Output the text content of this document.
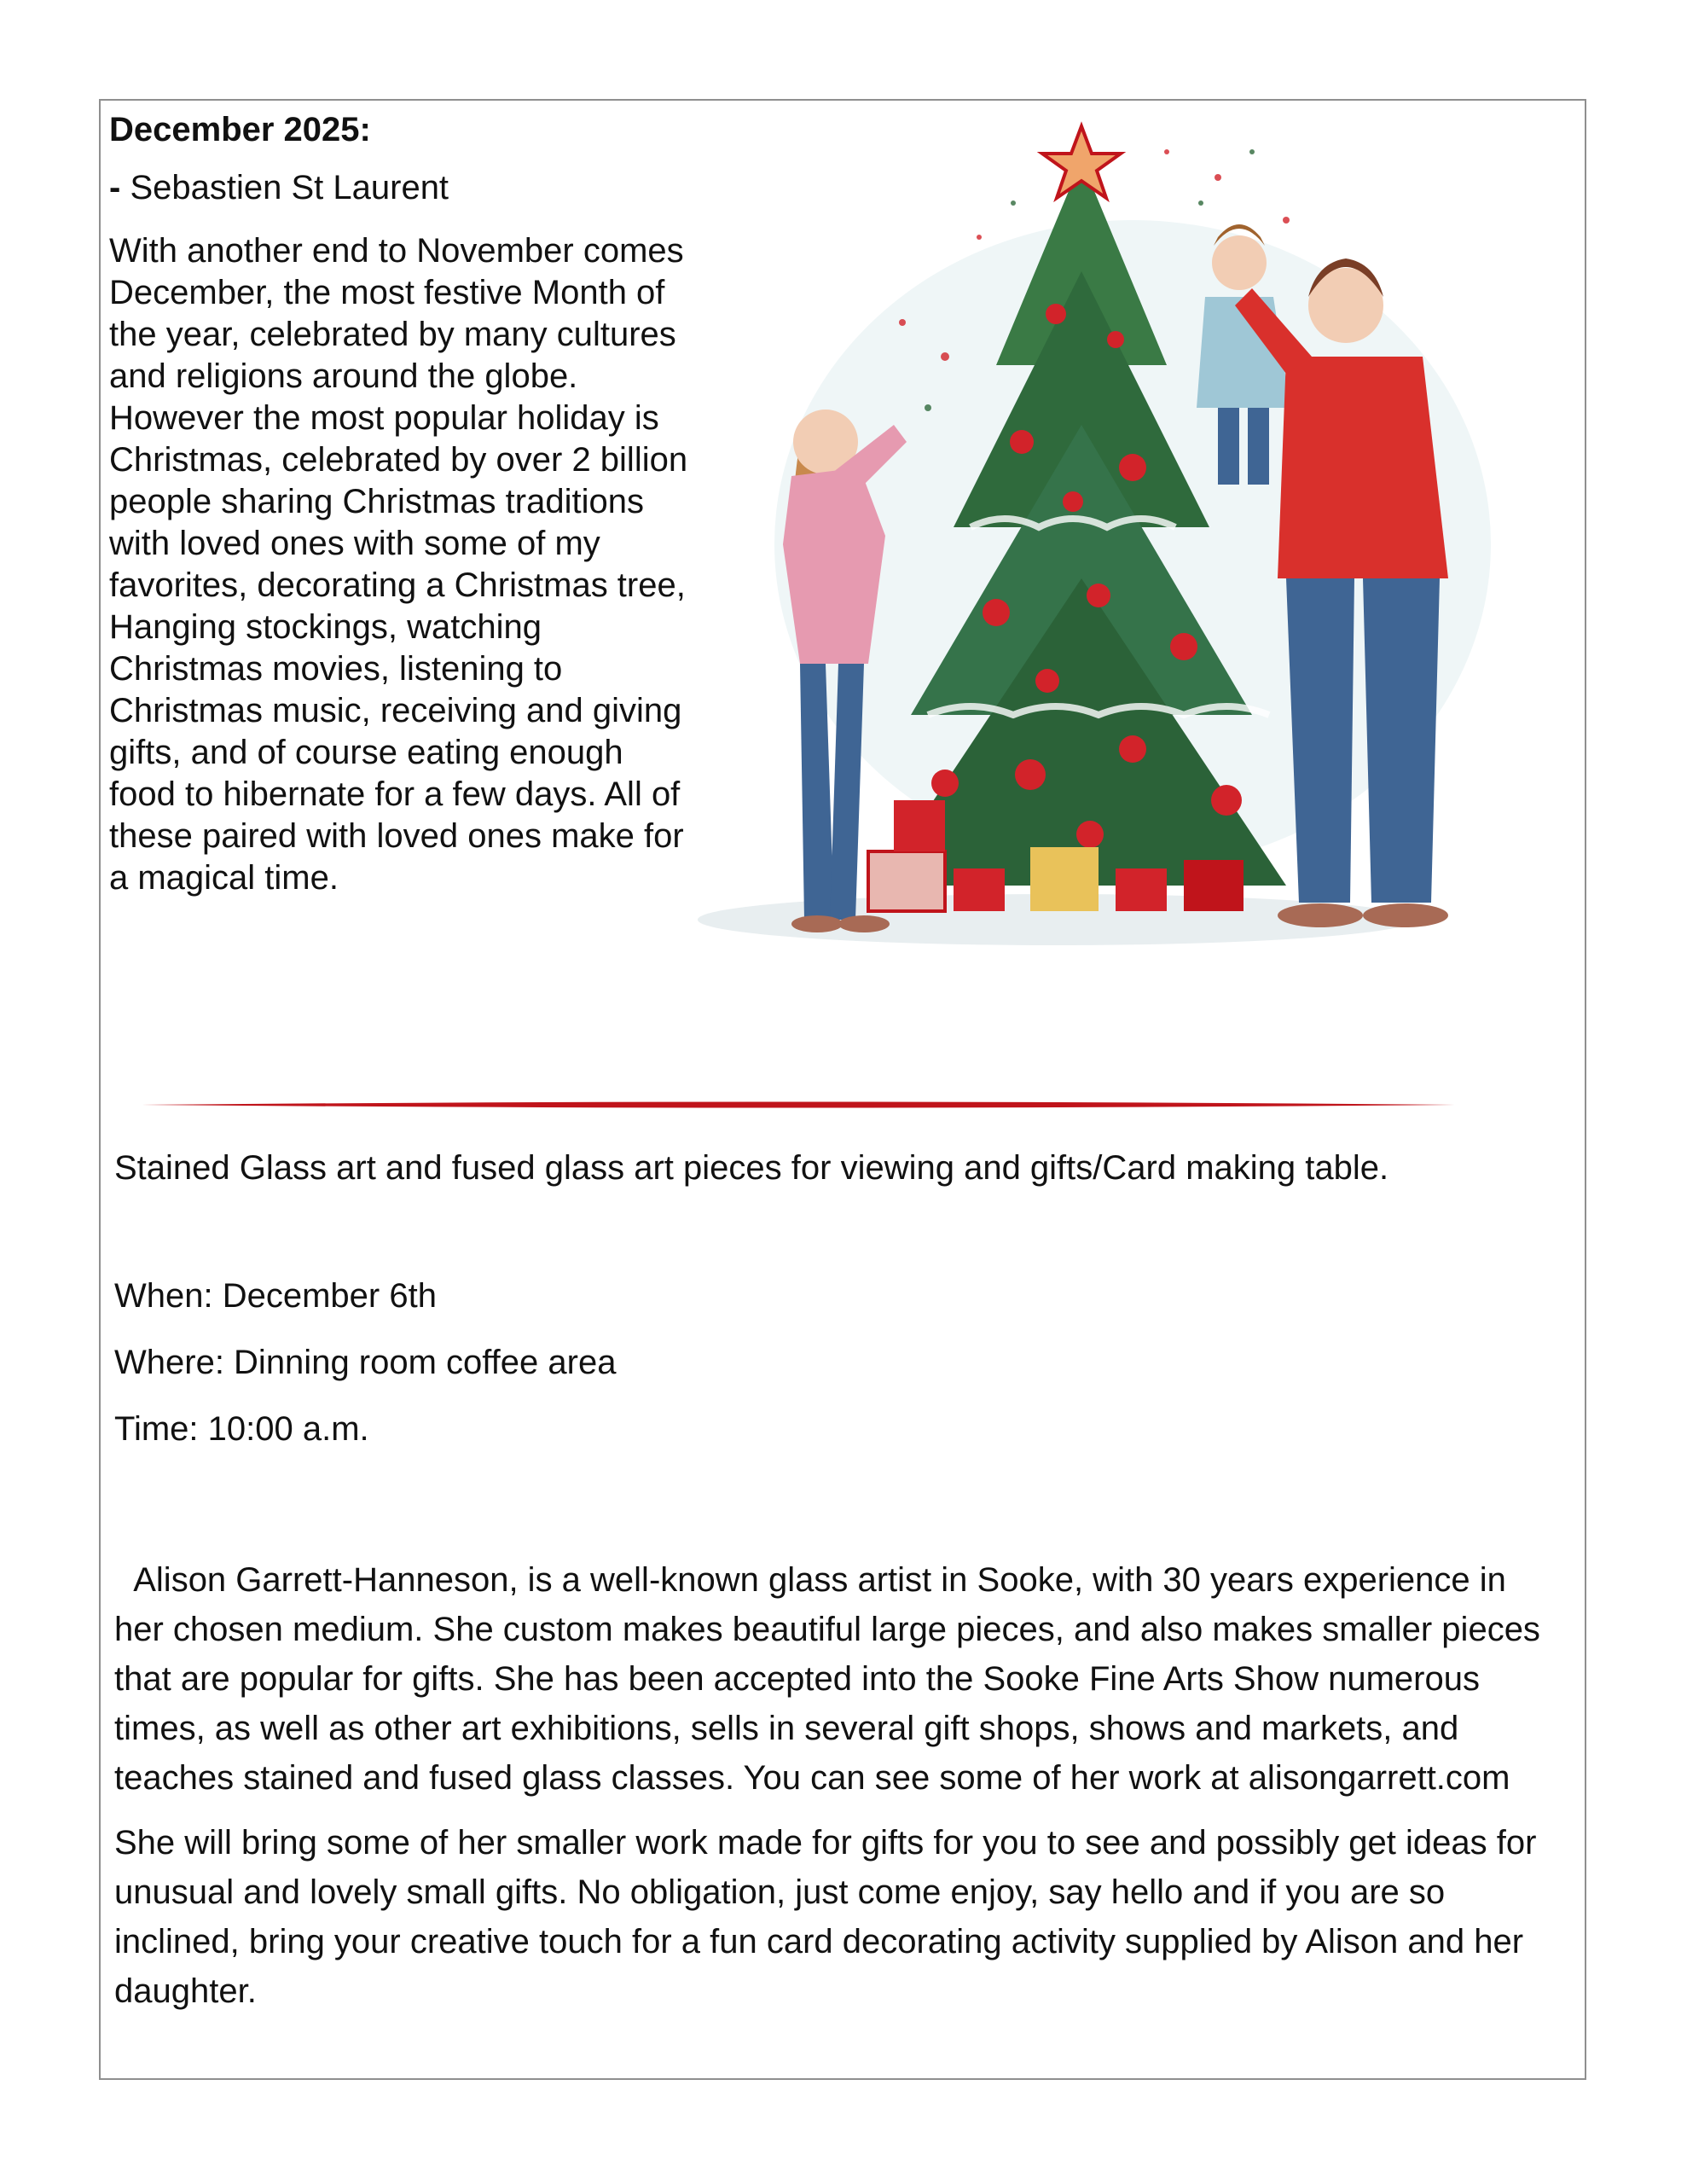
December 2025:

- Sebastien St Laurent

With another end to November comes December, the most festive Month of the year, celebrated by many cultures and religions around the globe. However the most popular holiday is Christmas, celebrated by over 2 billion people sharing Christmas traditions with loved ones with some of my favorites, decorating a Christmas tree, Hanging stockings, watching Christmas movies, listening to Christmas music, receiving and giving gifts, and of course eating enough food to hibernate for a few days. All of these paired with loved ones make for a magical time.

Stained Glass art and fused glass art pieces for viewing and gifts/Card making table.

When: December 6th

Where: Dinning room coffee area

Time: 10:00 a.m.

Alison Garrett-Hanneson, is a well-known glass artist in Sooke, with 30 years experience in her chosen medium. She custom makes beautiful large pieces, and also makes smaller pieces that are popular for gifts. She has been accepted into the Sooke Fine Arts Show numerous times, as well as other art exhibitions, sells in several gift shops, shows and markets, and teaches stained and fused glass classes. You can see some of her work at alisongarrett.com

She will bring some of her smaller work made for gifts for you to see and possibly get ideas for unusual and lovely small gifts. No obligation, just come enjoy, say hello and if you are so inclined, bring your creative touch for a fun card decorating activity supplied by Alison and her daughter.
